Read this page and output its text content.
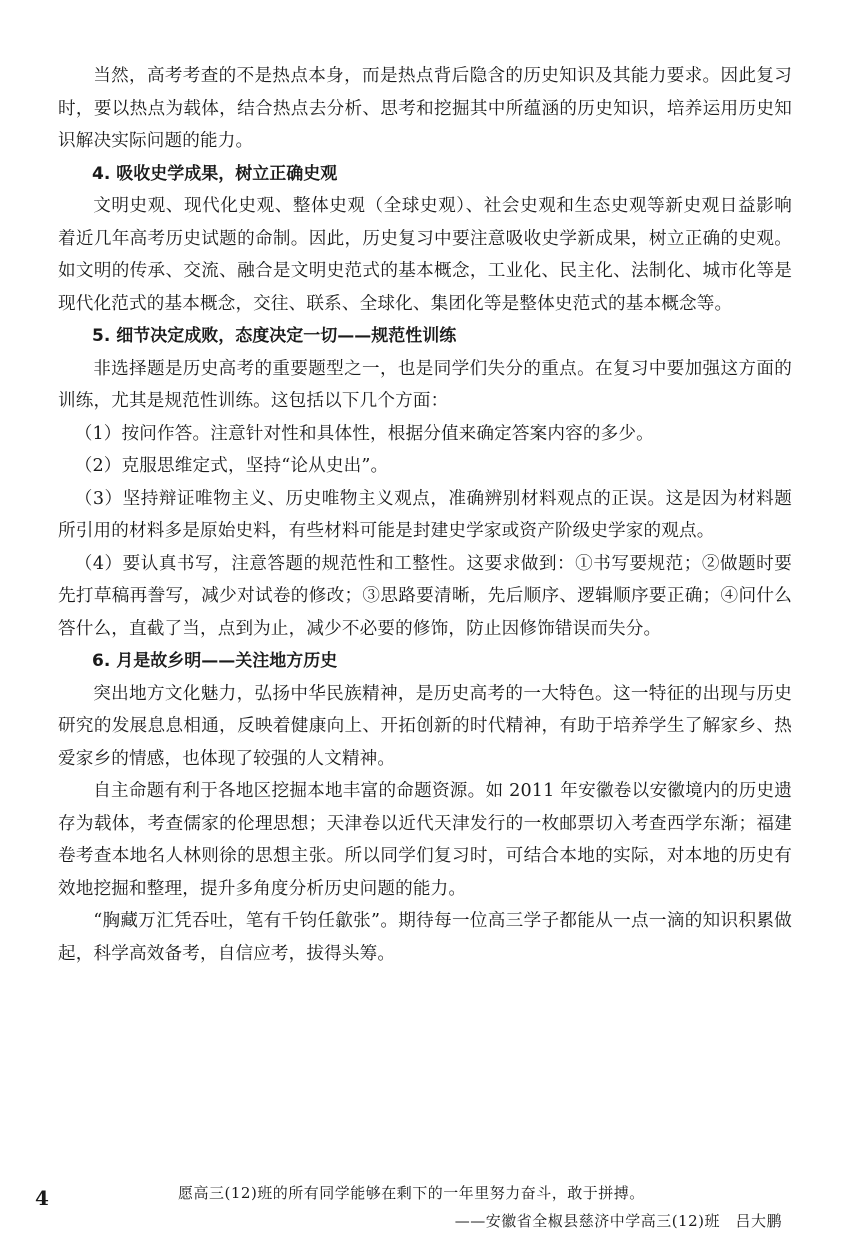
当然，高考考查的不是热点本身，而是热点背后隐含的历史知识及其能力要求。因此复习时，要以热点为载体，结合热点去分析、思考和挖掘其中所蕴涵的历史知识，培养运用历史知识解决实际问题的能力。

4. 吸收史学成果，树立正确史观

文明史观、现代化史观、整体史观（全球史观）、社会史观和生态史观等新史观日益影响着近几年高考历史试题的命制。因此，历史复习中要注意吸收史学新成果，树立正确的史观。如文明的传承、交流、融合是文明史范式的基本概念，工业化、民主化、法制化、城市化等是现代化范式的基本概念，交往、联系、全球化、集团化等是整体史范式的基本概念等。

5. 细节决定成败，态度决定一切——规范性训练

非选择题是历史高考的重要题型之一，也是同学们失分的重点。在复习中要加强这方面的训练，尤其是规范性训练。这包括以下几个方面：

（1）按问作答。注意针对性和具体性，根据分值来确定答案内容的多少。

（2）克服思维定式，坚持“论从史出”。

（3）坚持辩证唯物主义、历史唯物主义观点，准确辨别材料观点的正误。这是因为材料题所引用的材料多是原始史料，有些材料可能是封建史学家或资产阶级史学家的观点。

（4）要认真书写，注意答题的规范性和工整性。这要求做到：①书写要规范；②做题时要先打草稿再誊写，减少对试卷的修改；③思路要清晰，先后顺序、逻辑顺序要正确；④问什么答什么，直截了当，点到为止，减少不必要的修饰，防止因修饰错误而失分。

6. 月是故乡明——关注地方历史

突出地方文化魅力，弘扬中华民族精神，是历史高考的一大特色。这一特征的出现与历史研究的发展息息相通，反映着健康向上、开拓创新的时代精神，有助于培养学生了解家乡、热爱家乡的情感，也体现了较强的人文精神。

自主命题有利于各地区挖掘本地丰富的命题资源。如 2011 年安徽卷以安徽境内的历史遗存为载体，考查儒家的伦理思想；天津卷以近代天津发行的一枚邮票切入考查西学东渐；福建卷考查本地名人林则徐的思想主张。所以同学们复习时，可结合本地的实际，对本地的历史有效地挖掘和整理，提升多角度分析历史问题的能力。

“胸藏万汇凭吞吐，笔有千钧任歙张”。期待每一位高三学子都能从一点一滴的知识积累做起，科学高效备考，自信应考，拔得头筹。

4	愿高三(12)班的所有同学能够在剩下的一年里努力奋斗，敢于拼搏。
——安徽省全椒县慈济中学高三(12)班　吕大鹏
